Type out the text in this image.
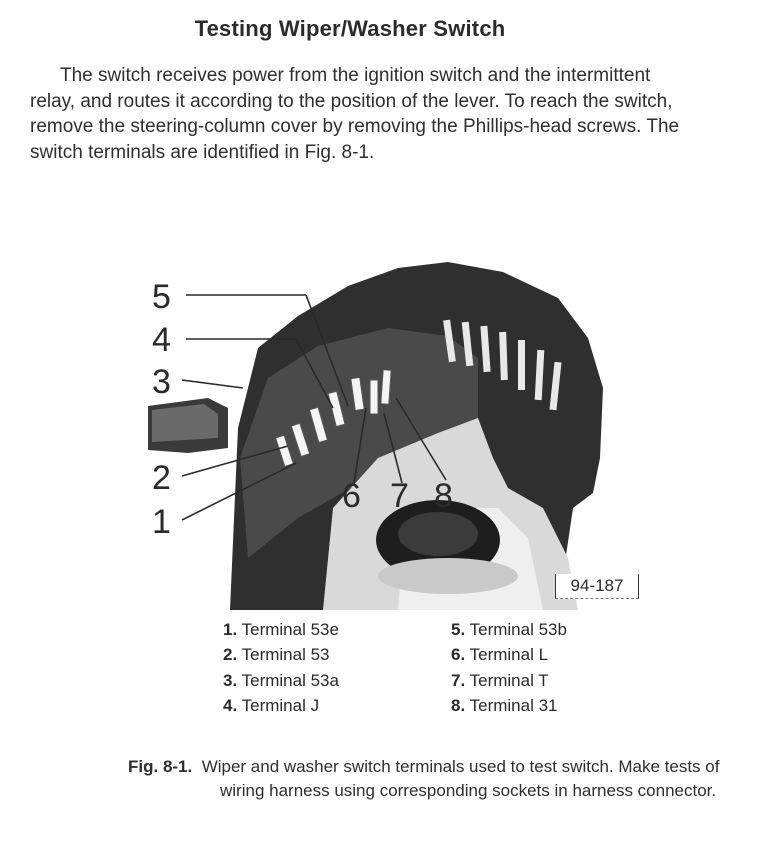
Testing Wiper/Washer Switch

The switch receives power from the ignition switch and the intermittent relay, and routes it according to the position of the lever. To reach the switch, remove the steering-column cover by removing the Phillips-head screws. The switch terminals are identified in Fig. 8-1.

5
4
3
2
1
6 7 8
94-187
1. Terminal 53e
2. Terminal 53
3. Terminal 53a
4. Terminal J
5. Terminal 53b
6. Terminal L
7. Terminal T
8. Terminal 31

Fig. 8-1. Wiper and washer switch terminals used to test switch. Make tests of wiring harness using corresponding sockets in harness connector.
